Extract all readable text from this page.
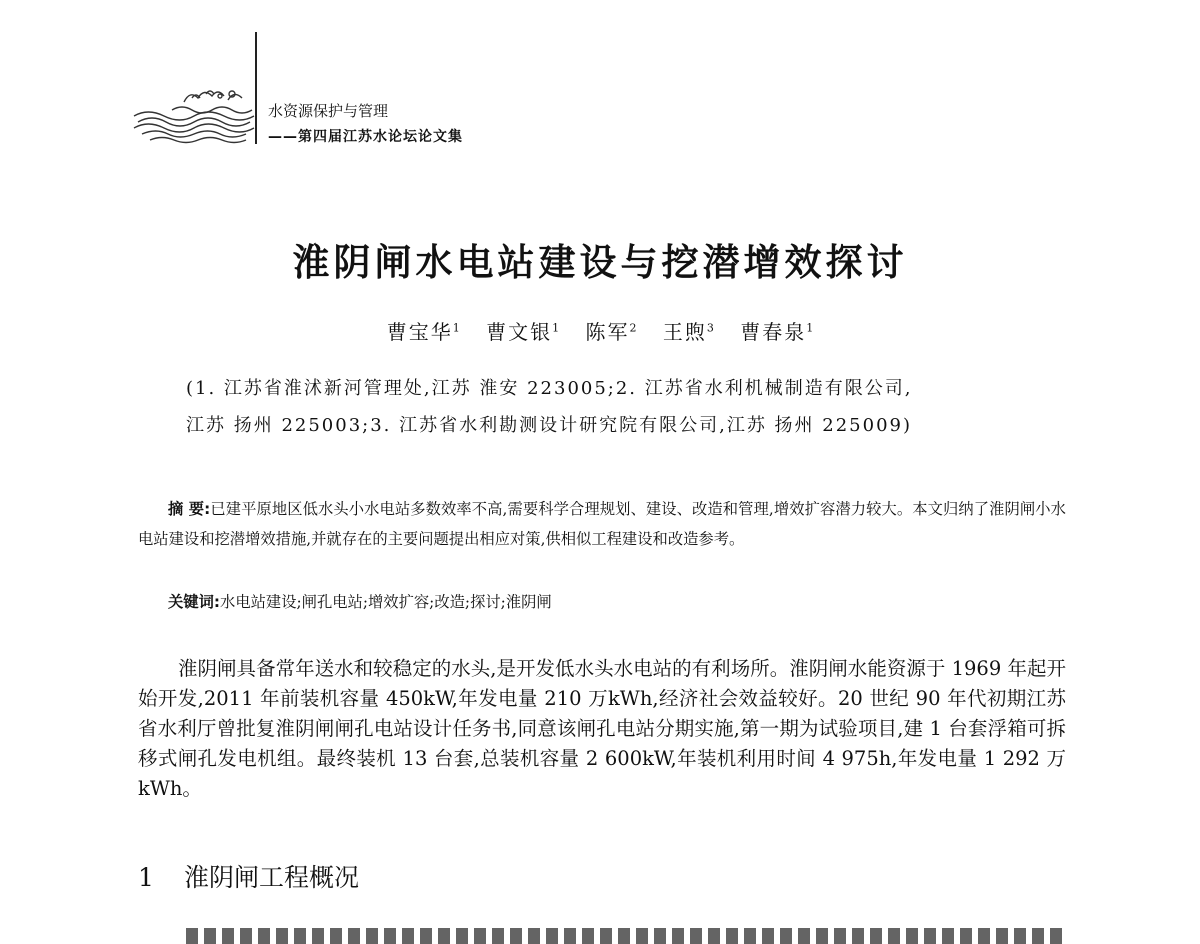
水资源保护与管理
——第四届江苏水论坛论文集
淮阴闸水电站建设与挖潜增效探讨
曹宝华$^1$ 曹文银$^1$ 陈军$^2$ 王煦$^3$ 曹春泉$^1$
(1. 江苏省淮沭新河管理处,江苏 淮安 223005;2. 江苏省水利机械制造有限公司,
江苏 扬州 225003;3. 江苏省水利勘测设计研究院有限公司,江苏 扬州 225009)

摘 要:已建平原地区低水头小水电站多数效率不高,需要科学合理规划、建设、改造和管理,增效扩容潜力较大。本文归纳了淮阴闸小水电站建设和挖潜增效措施,并就存在的主要问题提出相应对策,供相似工程建设和改造参考。

关键词:水电站建设;闸孔电站;增效扩容;改造;探讨;淮阴闸

淮阴闸具备常年送水和较稳定的水头,是开发低水头水电站的有利场所。淮阴闸水能资源于 1969 年起开始开发,2011 年前装机容量 450kW,年发电量 210 万kWh,经济社会效益较好。20 世纪 90 年代初期江苏省水利厅曾批复淮阴闸闸孔电站设计任务书,同意该闸孔电站分期实施,第一期为试验项目,建 1 台套浮箱可拆移式闸孔发电机组。最终装机 13 台套,总装机容量 2 600kW,年装机利用时间 4 975h,年发电量 1 292 万kWh。

1 淮阴闸工程概况
